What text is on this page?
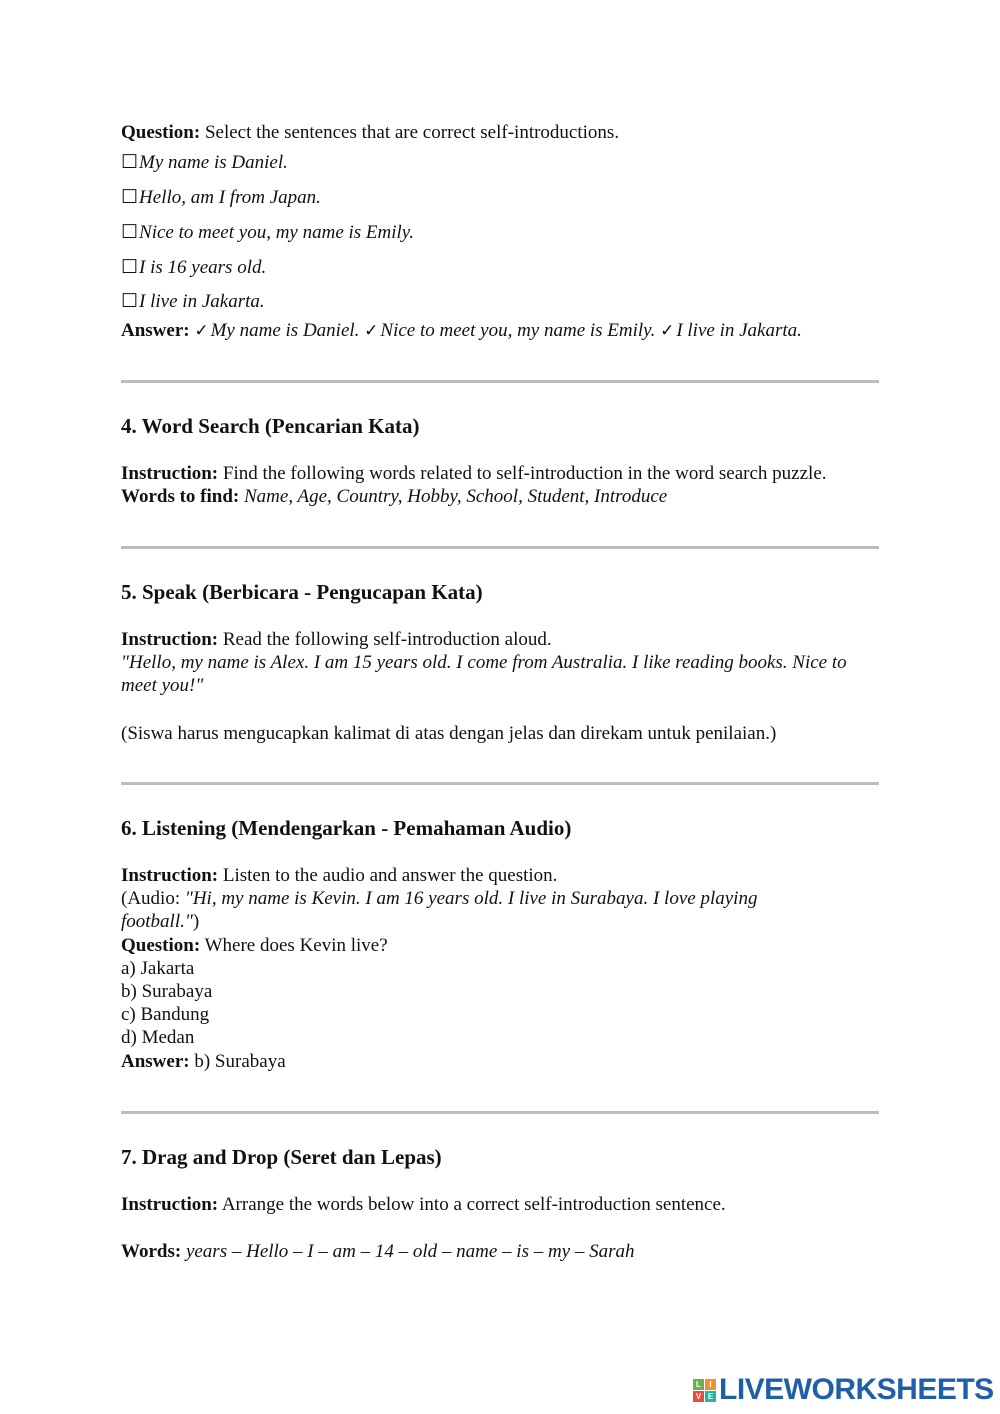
Question: Select the sentences that are correct self-introductions.
☐My name is Daniel.
☐Hello, am I from Japan.
☐Nice to meet you, my name is Emily.
☐I is 16 years old.
☐I live in Jakarta.
Answer: ✓ My name is Daniel. ✓ Nice to meet you, my name is Emily. ✓ I live in Jakarta.
4. Word Search (Pencarian Kata)
Instruction: Find the following words related to self-introduction in the word search puzzle.
Words to find: Name, Age, Country, Hobby, School, Student, Introduce
5. Speak (Berbicara - Pengucapan Kata)
Instruction: Read the following self-introduction aloud.
"Hello, my name is Alex. I am 15 years old. I come from Australia. I like reading books. Nice to meet you!"
(Siswa harus mengucapkan kalimat di atas dengan jelas dan direkam untuk penilaian.)
6. Listening (Mendengarkan - Pemahaman Audio)
Instruction: Listen to the audio and answer the question.
(Audio: "Hi, my name is Kevin. I am 16 years old. I live in Surabaya. I love playing football.")
Question: Where does Kevin live?
a) Jakarta
b) Surabaya
c) Bandung
d) Medan
Answer: b) Surabaya
7. Drag and Drop (Seret dan Lepas)
Instruction: Arrange the words below into a correct self-introduction sentence.
Words: years – Hello – I – am – 14 – old – name – is – my – Sarah
L	I
V E LIVEWORKSHEETS
